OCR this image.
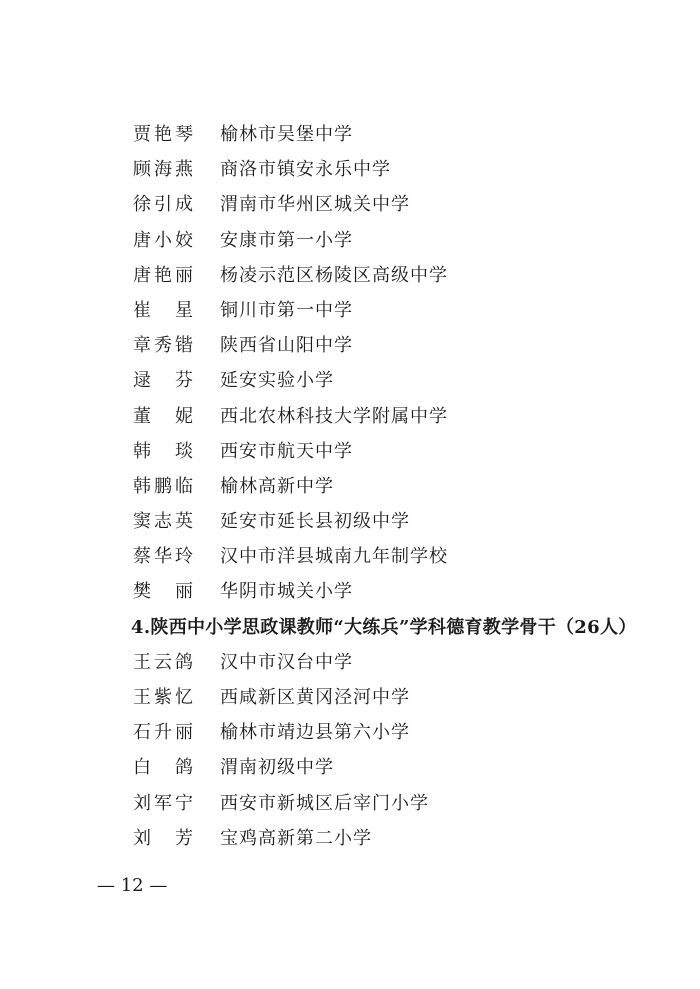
贾艳琴 榆林市吴堡中学
顾海燕 商洛市镇安永乐中学
徐引成 渭南市华州区城关中学
唐小姣 安康市第一小学
唐艳丽 杨凌示范区杨陵区高级中学
崔星 铜川市第一中学
章秀锴 陕西省山阳中学
逯芬 延安实验小学
董妮 西北农林科技大学附属中学
韩琰 西安市航天中学
韩鹏临 榆林高新中学
窦志英 延安市延长县初级中学
蔡华玲 汉中市洋县城南九年制学校
樊丽 华阴市城关小学
4.陕西中小学思政课教师“大练兵”学科德育教学骨干（26人）
王云鸽 汉中市汉台中学
王紫忆 西咸新区黄冈泾河中学
石升丽 榆林市靖边县第六小学
白鸽 渭南初级中学
刘军宁 西安市新城区后宰门小学
刘芳 宝鸡高新第二小学
— 12 —
